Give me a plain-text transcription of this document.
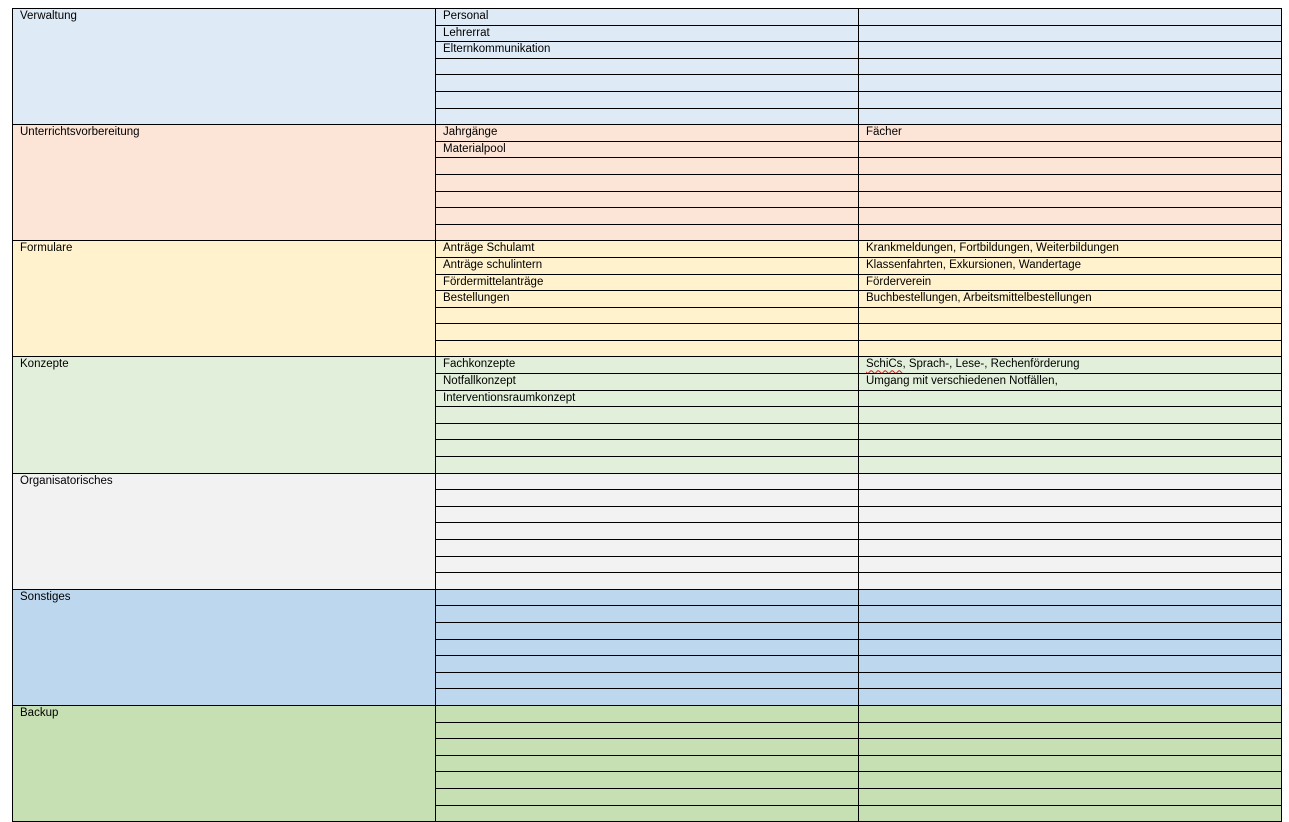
Verwaltung	Personal	
	Lehrerrat	
	Elternkommunikation	

Unterrichtsvorbereitung	Jahrgänge	Fächer
	Materialpool	

Formulare	Anträge Schulamt	Krankmeldungen, Fortbildungen, Weiterbildungen
	Anträge schulintern	Klassenfahrten, Exkursionen, Wandertage
	Fördermittelanträge	Förderverein
	Bestellungen	Buchbestellungen, Arbeitsmittelbestellungen

Konzepte	Fachkonzepte	SchiCs, Sprach-, Lese-, Rechenförderung
	Notfallkonzept	Umgang mit verschiedenen Notfällen,
	Interventionsraumkonzept	

Organisatorisches		

Sonstiges		

Backup		
